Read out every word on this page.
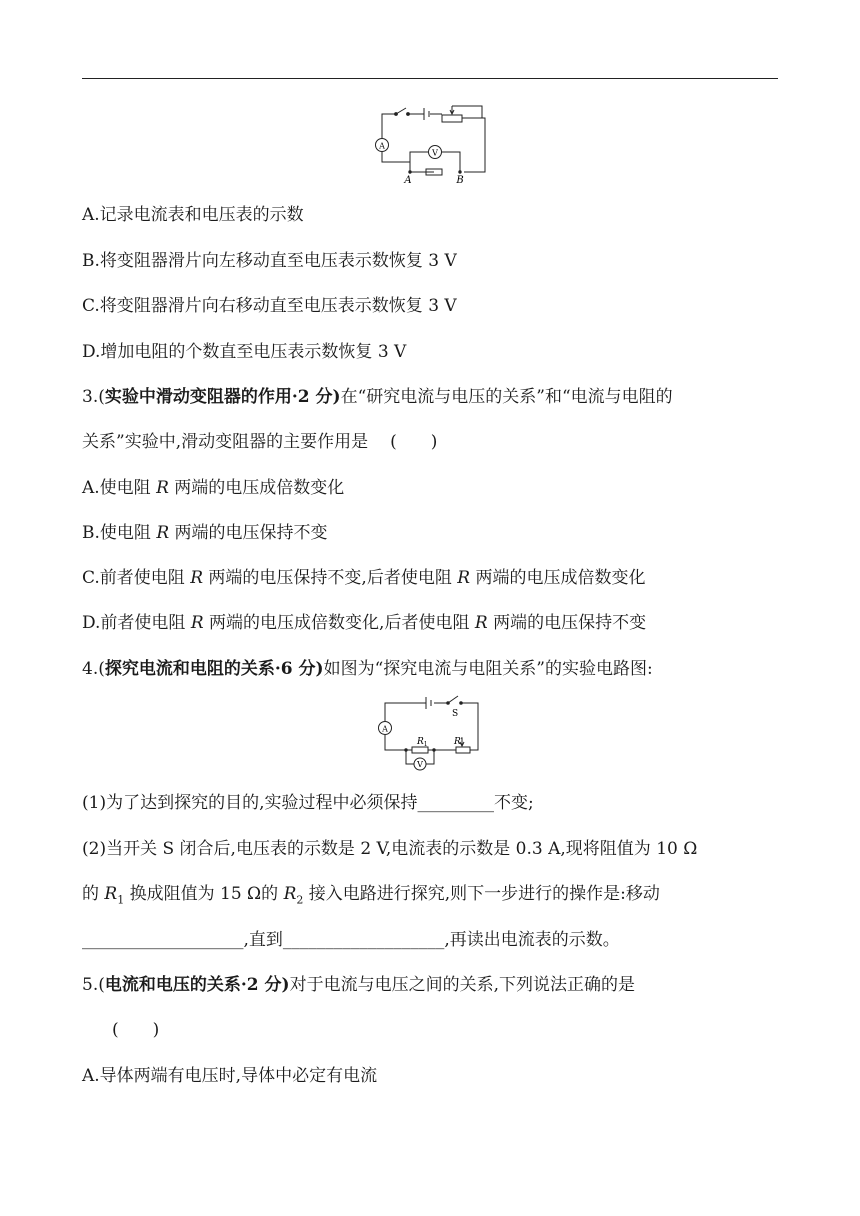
A
V
A	B
A.记录电流表和电压表的示数
B.将变阻器滑片向左移动直至电压表示数恢复 3 V
C.将变阻器滑片向右移动直至电压表示数恢复 3 V
D.增加电阻的个数直至电压表示数恢复 3 V
3.(实验中滑动变阻器的作用·2 分)在“研究电流与电压的关系”和“电流与电阻的
关系”实验中,滑动变阻器的主要作用是 (　　)
A.使电阻 R 两端的电压成倍数变化
B.使电阻 R 两端的电压保持不变
C.前者使电阻 R 两端的电压保持不变,后者使电阻 R 两端的电压成倍数变化
D.前者使电阻 R 两端的电压成倍数变化,后者使电阻 R 两端的电压保持不变
4.(探究电流和电阻的关系·6 分)如图为“探究电流与电阻关系”的实验电路图:
A
V
S
$R_1$	R′
(1)为了达到探究的目的,实验过程中必须保持_________不变;
(2)当开关 S 闭合后,电压表的示数是 2 V,电流表的示数是 0.3 A,现将阻值为 10 Ω
的 $R_1$ 换成阻值为 15 Ω的 $R_2$ 接入电路进行探究,则下一步进行的操作是:移动
___________________,直到___________________,再读出电流表的示数。
5.(电流和电压的关系·2 分)对于电流与电压之间的关系,下列说法正确的是
(　　)
A.导体两端有电压时,导体中必定有电流
